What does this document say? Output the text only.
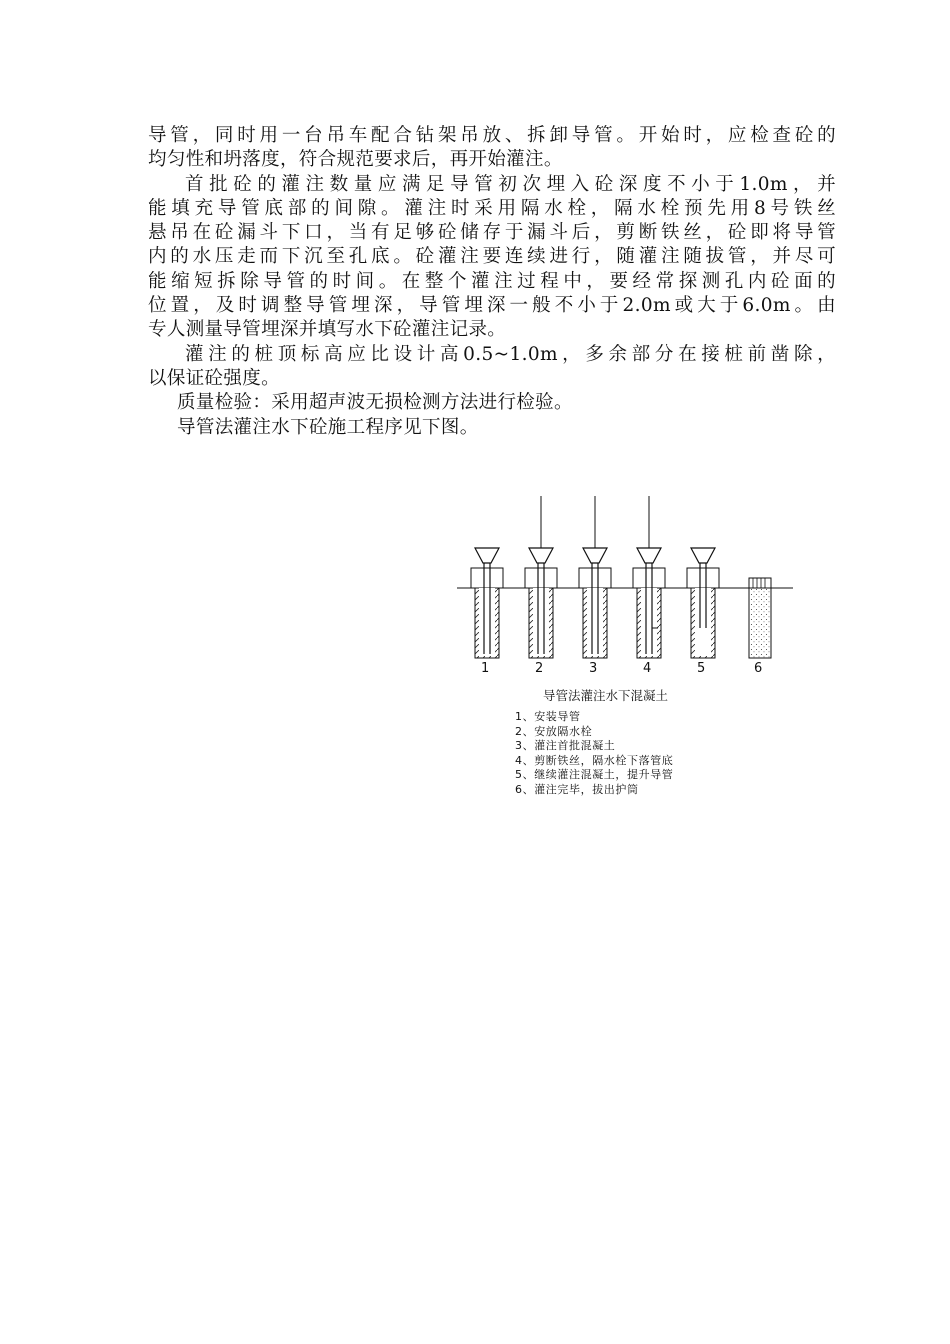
导管，同时用一台吊车配合钻架吊放、拆卸导管。开始时，应检查砼的
均匀性和坍落度，符合规范要求后，再开始灌注。
首批砼的灌注数量应满足导管初次埋入砼深度不小于1.0m，并
能填充导管底部的间隙。灌注时采用隔水栓，隔水栓预先用8号铁丝
悬吊在砼漏斗下口，当有足够砼储存于漏斗后，剪断铁丝，砼即将导管
内的水压走而下沉至孔底。砼灌注要连续进行，随灌注随拔管，并尽可
能缩短拆除导管的时间。在整个灌注过程中，要经常探测孔内砼面的
位置，及时调整导管埋深，导管埋深一般不小于2.0m或大于6.0m。由
专人测量导管埋深并填写水下砼灌注记录。
灌注的桩顶标高应比设计高0.5~1.0m，多余部分在接桩前凿除，
以保证砼强度。
质量检验：采用超声波无损检测方法进行检验。
导管法灌注水下砼施工程序见下图。
1	2	3	4	5	6
导管法灌注水下混凝土
1、安装导管
2、安放隔水栓
3、灌注首批混凝土
4、剪断铁丝，隔水栓下落管底
5、继续灌注混凝土，提升导管
6、灌注完毕，拔出护筒
